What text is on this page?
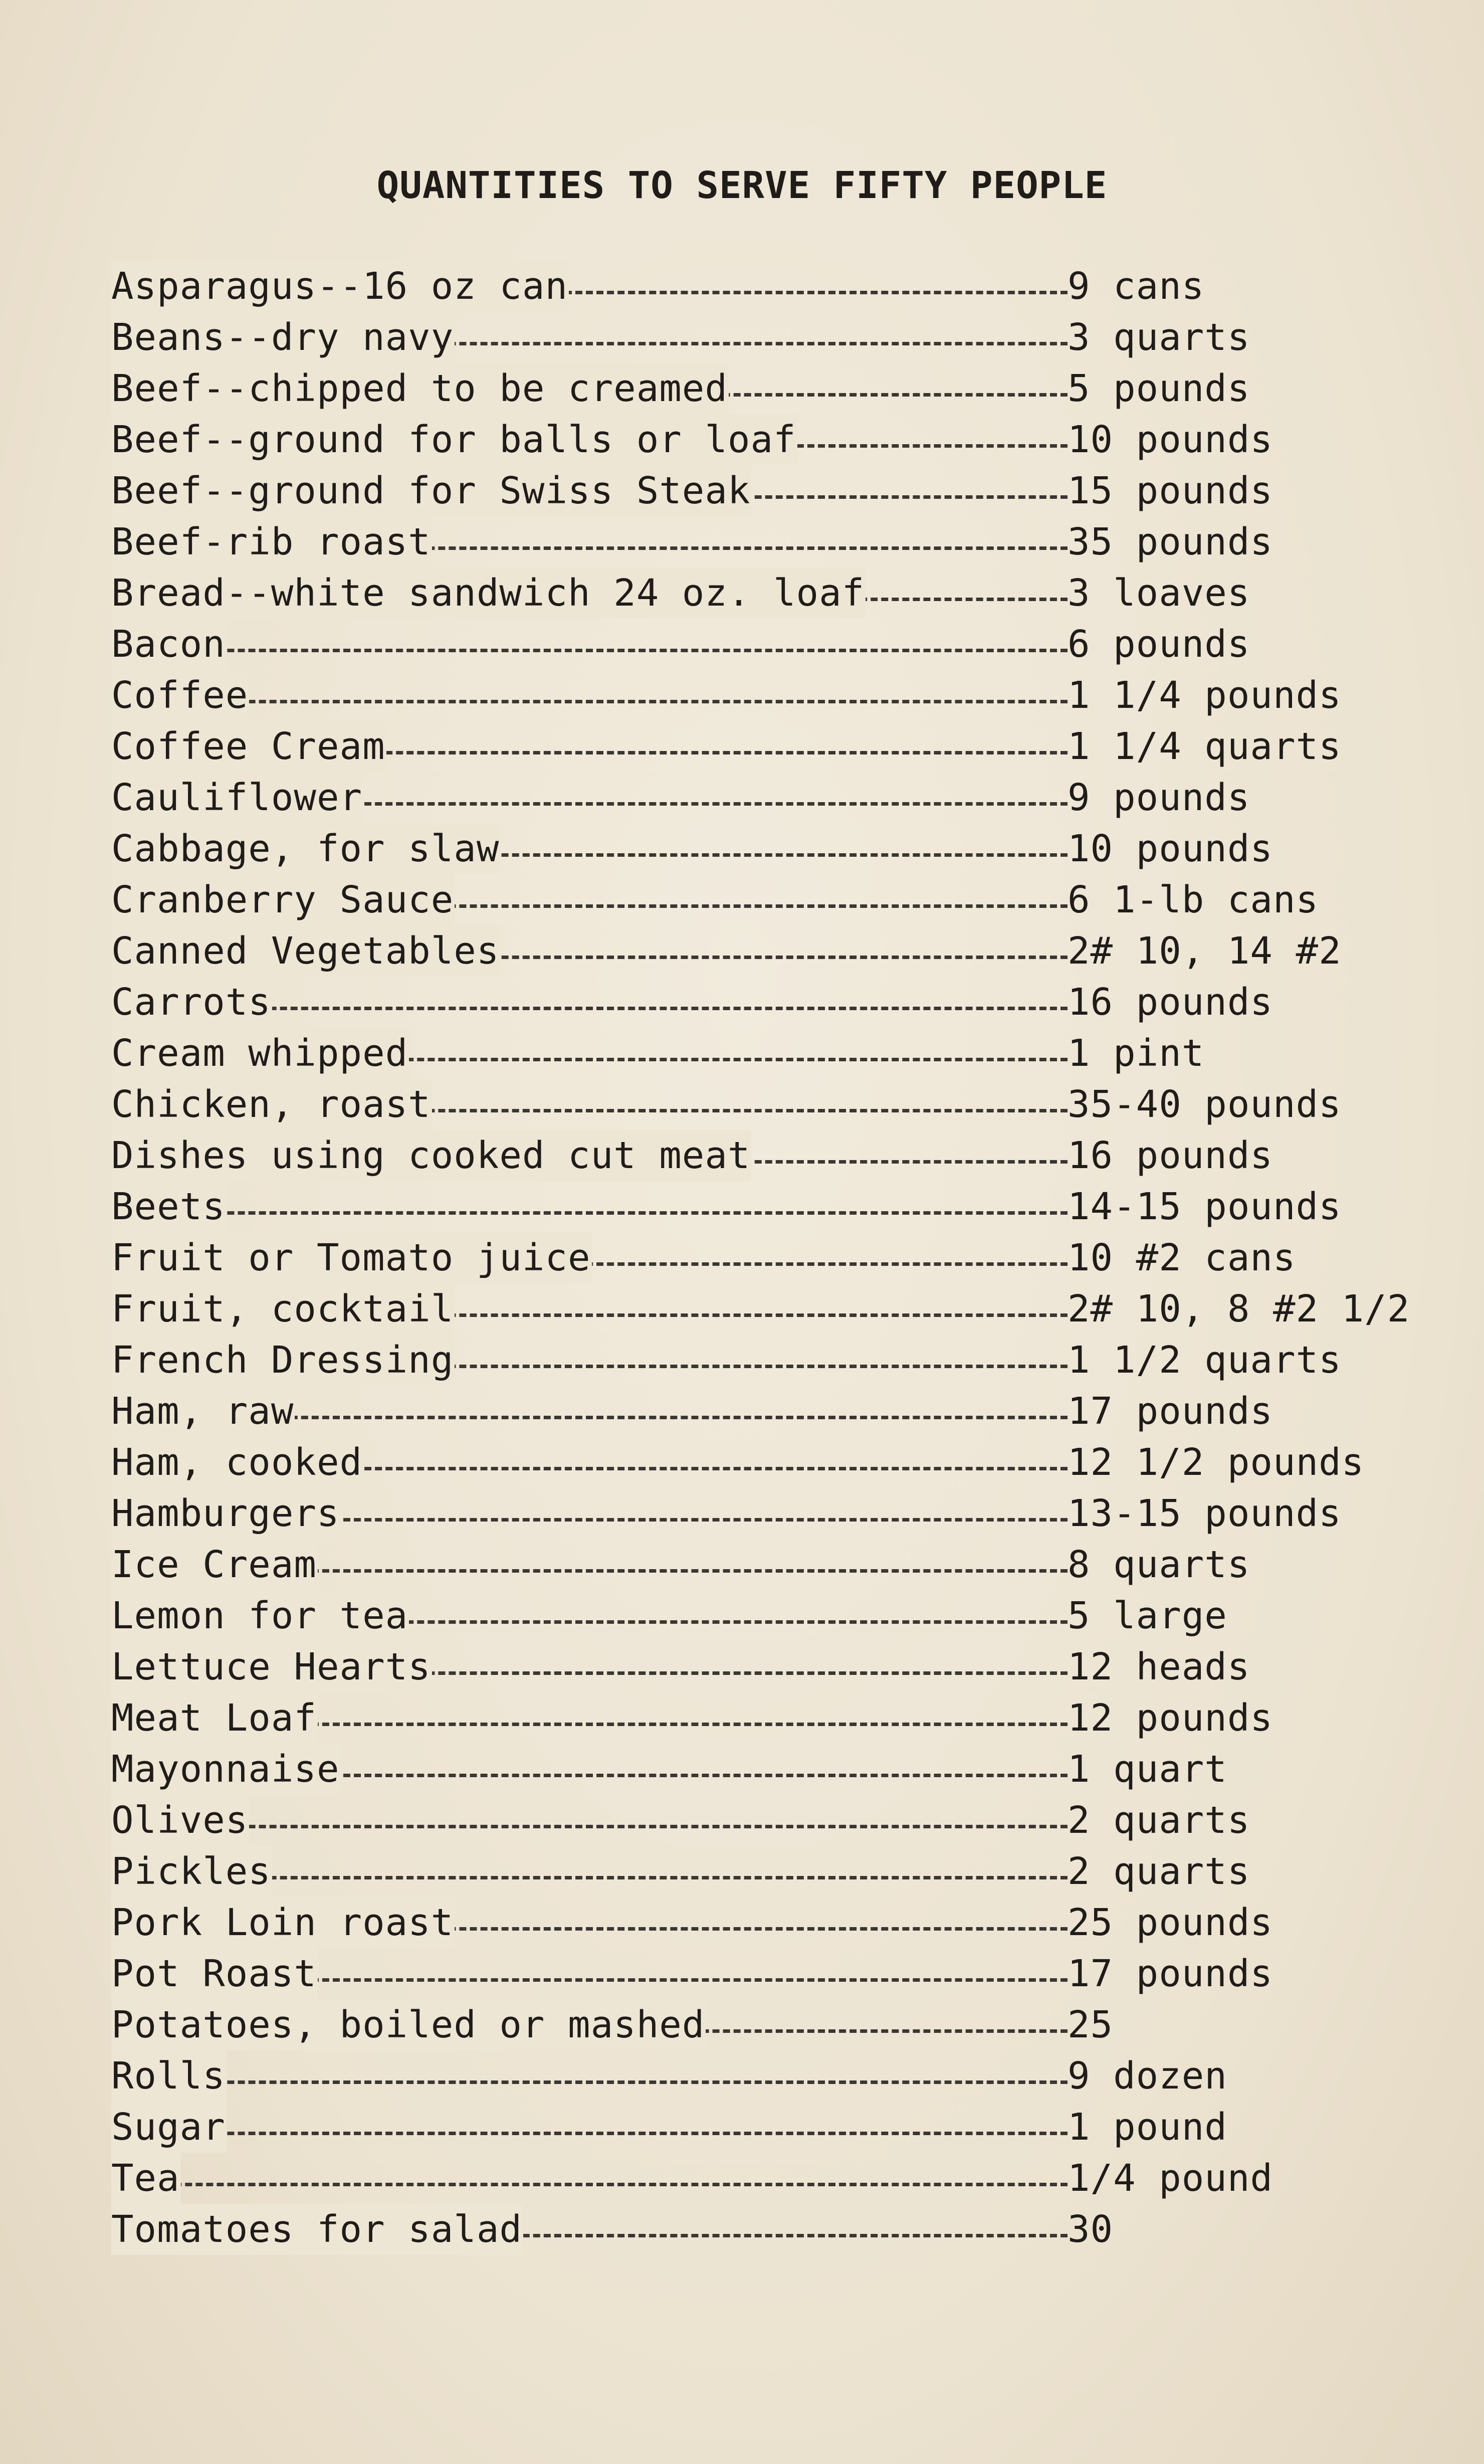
QUANTITIES TO SERVE FIFTY PEOPLE
Asparagus--16 oz can	9 cans
Beans--dry navy	3 quarts
Beef--chipped to be creamed	5 pounds
Beef--ground for balls or loaf	10 pounds
Beef--ground for Swiss Steak	15 pounds
Beef-rib roast	35 pounds
Bread--white sandwich 24 oz. loaf	3 loaves
Bacon	6 pounds
Coffee	1 1/4 pounds
Coffee Cream	1 1/4 quarts
Cauliflower	9 pounds
Cabbage, for slaw	10 pounds
Cranberry Sauce	6 1-lb cans
Canned Vegetables	2# 10, 14 #2
Carrots	16 pounds
Cream whipped	1 pint
Chicken, roast	35-40 pounds
Dishes using cooked cut meat	16 pounds
Beets	14-15 pounds
Fruit or Tomato juice	10 #2 cans
Fruit, cocktail	2# 10, 8 #2 1/2
French Dressing	1 1/2 quarts
Ham, raw	17 pounds
Ham, cooked	12 1/2 pounds
Hamburgers	13-15 pounds
Ice Cream	8 quarts
Lemon for tea	5 large
Lettuce Hearts	12 heads
Meat Loaf	12 pounds
Mayonnaise	1 quart
Olives	2 quarts
Pickles	2 quarts
Pork Loin roast	25 pounds
Pot Roast	17 pounds
Potatoes, boiled or mashed	25
Rolls	9 dozen
Sugar	1 pound
Tea	1/4 pound
Tomatoes for salad	30
